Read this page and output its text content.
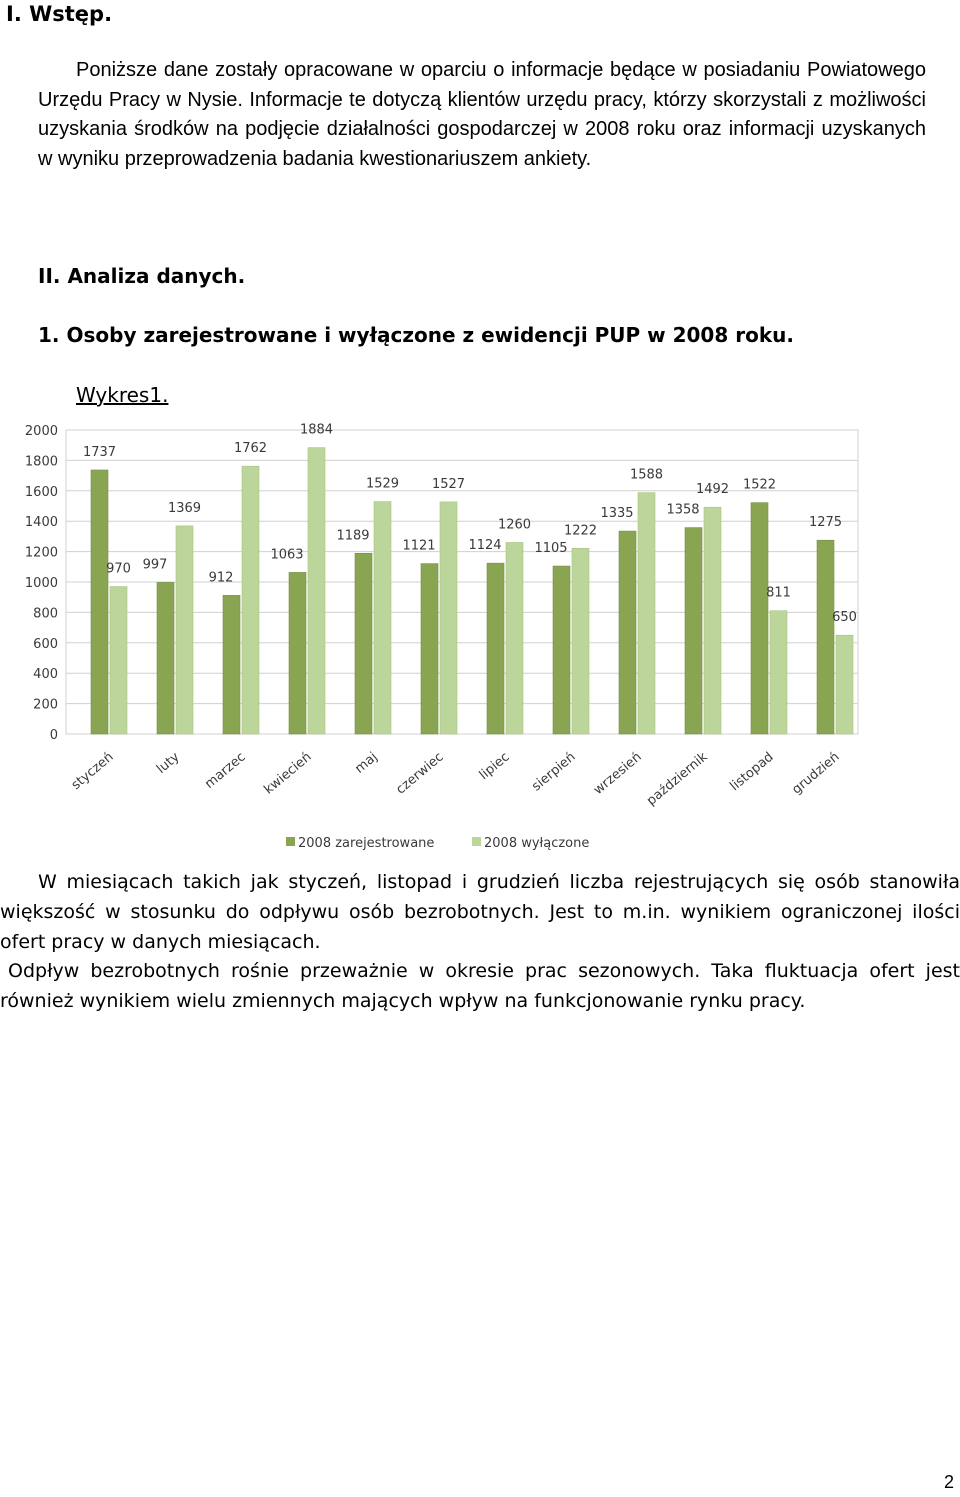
I. Wstęp.
Poniższe dane zostały opracowane w oparciu o informacje będące w posiadaniu Powiatowego Urzędu Pracy w Nysie. Informacje te dotyczą klientów urzędu pracy, którzy skorzystali z możliwości uzyskania środków na podjęcie działalności gospodarczej w 2008 roku oraz informacji uzyskanych w wyniku przeprowadzenia badania kwestionariuszem ankiety.
II. Analiza danych.
1. Osoby zarejestrowane i wyłączone z ewidencji PUP w 2008 roku.
Wykres1.
0
200
400
600
800
1000
1200
1400
1600
1800
2000
1737
970 997
1369
912
1762
1063
1884
1189
1529
1121
1527
1124
1260
1105
1222
1335
1588
1358
1492 1522
811
1275
650
styczeń	luty marzec kwiecień	maj czerwiec lipiec sierpień wrzesień październik listopad grudzień
2008 zarejestrowane	2008 wyłączone
W miesiącach takich jak styczeń, listopad i grudzień liczba rejestrujących się osób stanowiła większość w stosunku do odpływu osób bezrobotnych. Jest to m.in. wynikiem ograniczonej ilości ofert pracy w danych miesiącach.
Odpływ bezrobotnych rośnie przeważnie w okresie prac sezonowych. Taka fluktuacja ofert jest również wynikiem wielu zmiennych mających wpływ na funkcjonowanie rynku pracy.
2
